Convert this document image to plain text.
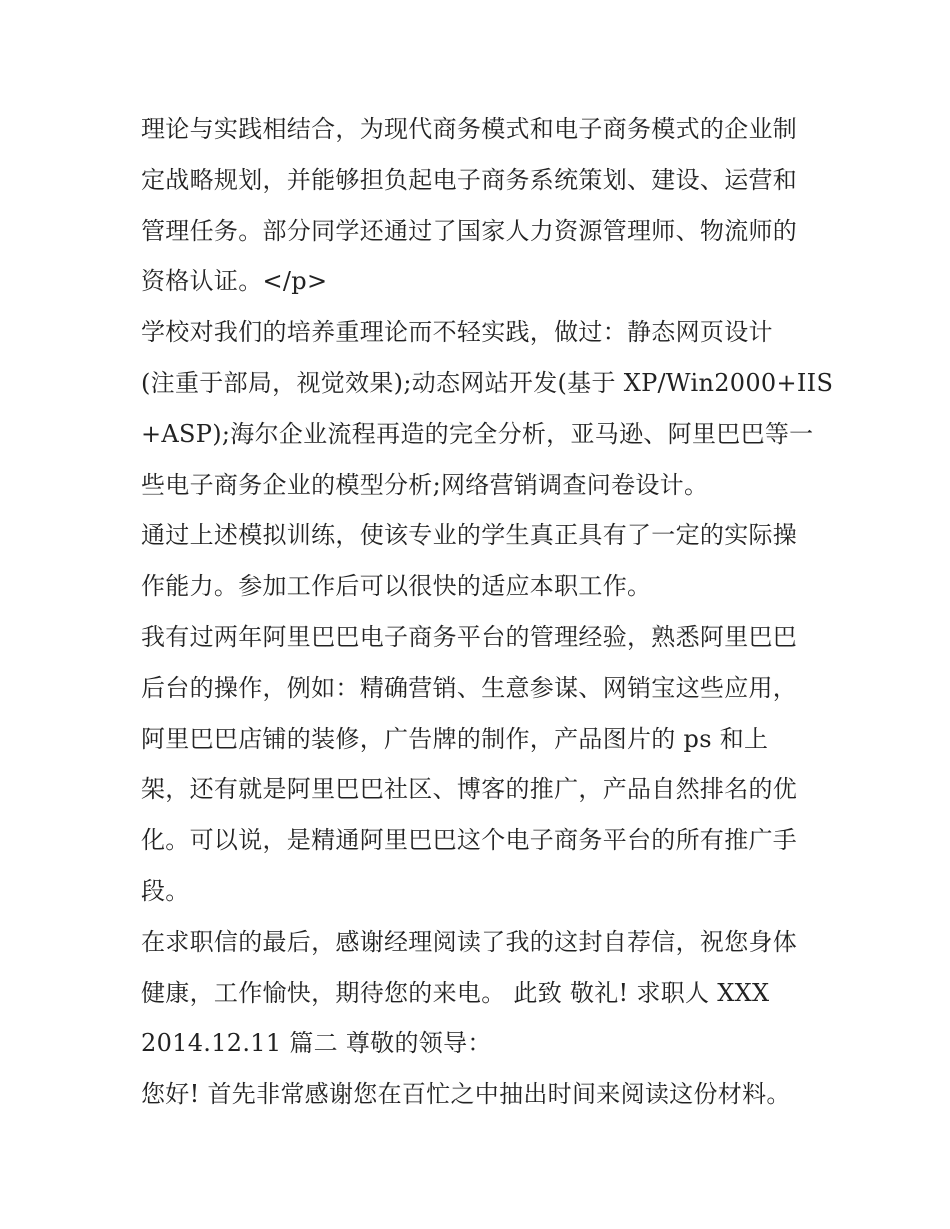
理论与实践相结合，为现代商务模式和电子商务模式的企业制
定战略规划，并能够担负起电子商务系统策划、建设、运营和
管理任务。部分同学还通过了国家人力资源管理师、物流师的
资格认证。</p>
学校对我们的培养重理论而不轻实践，做过：静态网页设计
(注重于部局，视觉效果);动态网站开发(基于 XP/Win2000+IIS
+ASP);海尔企业流程再造的完全分析，亚马逊、阿里巴巴等一
些电子商务企业的模型分析;网络营销调查问卷设计。
通过上述模拟训练，使该专业的学生真正具有了一定的实际操
作能力。参加工作后可以很快的适应本职工作。
我有过两年阿里巴巴电子商务平台的管理经验，熟悉阿里巴巴
后台的操作，例如：精确营销、生意参谋、网销宝这些应用，
阿里巴巴店铺的装修，广告牌的制作，产品图片的 ps 和上
架，还有就是阿里巴巴社区、博客的推广，产品自然排名的优
化。可以说，是精通阿里巴巴这个电子商务平台的所有推广手
段。
在求职信的最后，感谢经理阅读了我的这封自荐信，祝您身体
健康，工作愉快，期待您的来电。 此致 敬礼! 求职人 XXX
2014.12.11 篇二 尊敬的领导：
您好! 首先非常感谢您在百忙之中抽出时间来阅读这份材料。
